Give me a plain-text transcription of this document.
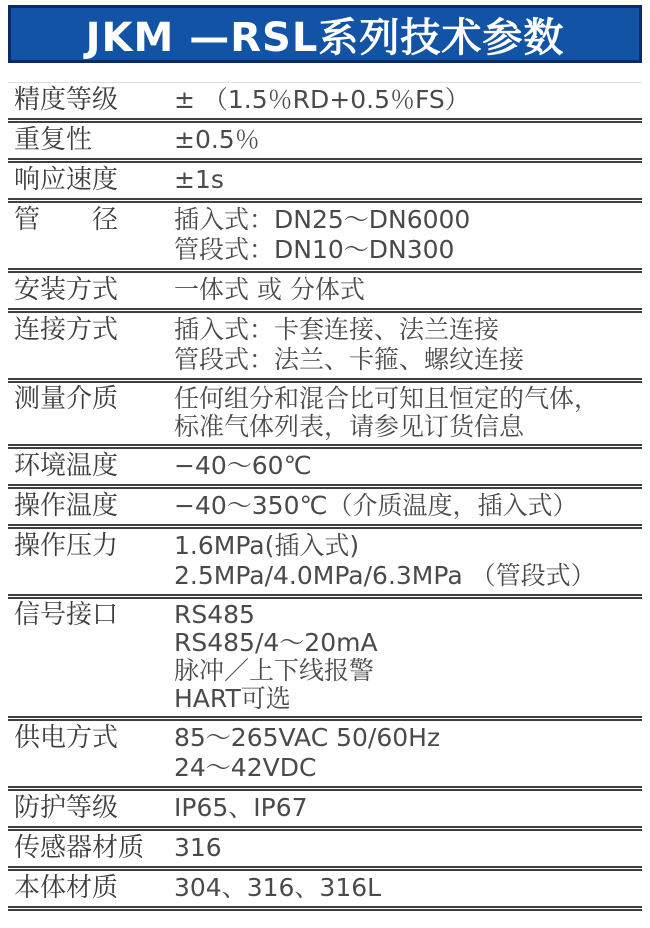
JKM —RSL系列技术参数
精度等级	± （1.5％RD+0.5％FS）
重复性	±0.5％
响应速度	±1s
管　　径	插入式：DN25～DN6000
管段式：DN10～DN300
安装方式	一体式 或 分体式
连接方式	插入式：卡套连接、法兰连接
管段式：法兰、卡箍、螺纹连接
测量介质	任何组分和混合比可知且恒定的气体，
标准气体列表，请参见订货信息
环境温度	−40～60℃
操作温度	−40～350℃（介质温度，插入式）
操作压力	1.6MPa(插入式)
2.5MPa/4.0MPa/6.3MPa （管段式）
信号接口	RS485
RS485/4～20mA
脉冲／上下线报警
HART可选
供电方式	85～265VAC 50/60Hz
24～42VDC
防护等级	IP65、IP67
传感器材质	316
本体材质	304、316、316L
